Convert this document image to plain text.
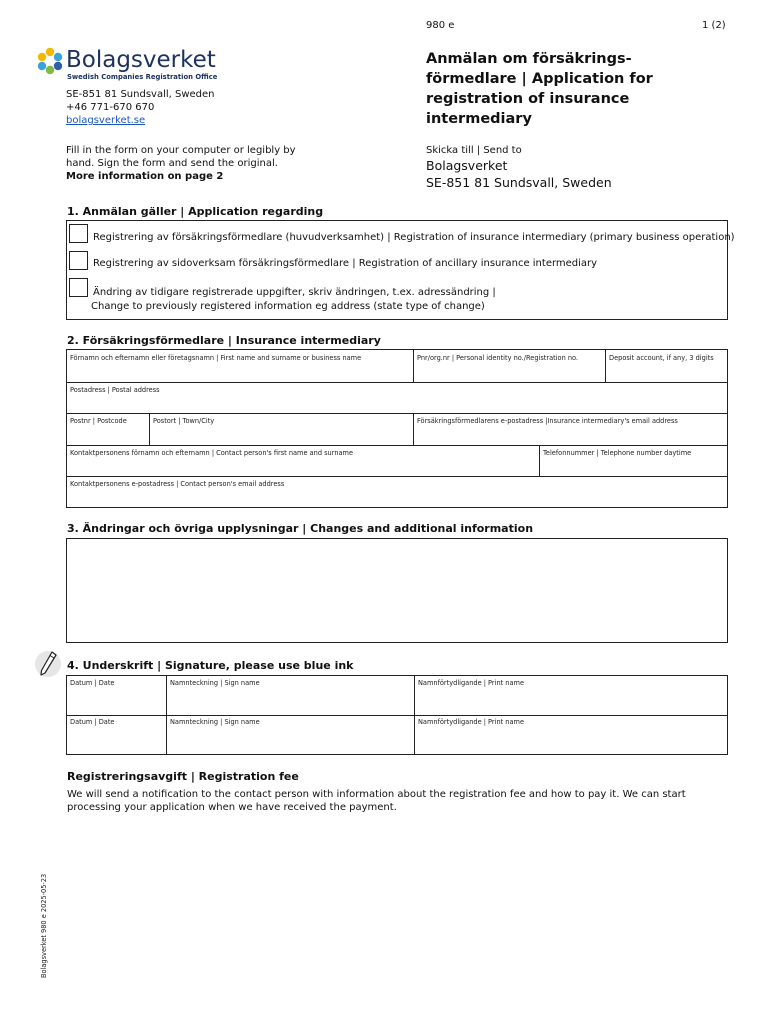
980 e	1 (2)
Bolagsverket
Swedish Companies Registration Office
SE-851 81 Sundsvall, Sweden
+46 771-670 670
bolagsverket.se
Anmälan om försäkrings-
förmedlare | Application for
registration of insurance
intermediary
Fill in the form on your computer or legibly by
hand. Sign the form and send the original.
More information on page 2
Skicka till | Send to
Bolagsverket
SE-851 81 Sundsvall, Sweden
1. Anmälan gäller | Application regarding
Registrering av försäkringsförmedlare (huvudverksamhet) | Registration of insurance intermediary (primary business operation)
Registrering av sidoverksam försäkringsförmedlare | Registration of ancillary insurance intermediary
Ändring av tidigare registrerade uppgifter, skriv ändringen, t.ex. adressändring |
Change to previously registered information eg address (state type of change)
2. Försäkringsförmedlare | Insurance intermediary
Förnamn och efternamn eller företagsnamn | First name and surname or business name	Pnr/org.nr | Personal identity no./Registration no.	Deposit account, if any, 3 digits
Postadress | Postal address
Postnr | Postcode	Postort | Town/City	Försäkringsförmedlarens e-postadress |Insurance intermediary's email address
Kontaktpersonens förnamn och efternamn | Contact person's first name and surname	Telefonnummer | Telephone number daytime
Kontaktpersonens e-postadress | Contact person's email address
3. Ändringar och övriga upplysningar | Changes and additional information
4. Underskrift | Signature, please use blue ink
Datum | Date	Namnteckning | Sign name	Namnförtydligande | Print name
Datum | Date	Namnteckning | Sign name	Namnförtydligande | Print name
Registreringsavgift | Registration fee
We will send a notification to the contact person with information about the registration fee and how to pay it. We can start
processing your application when we have received the payment.
Bolagsverket 980 e 2025-05-23
